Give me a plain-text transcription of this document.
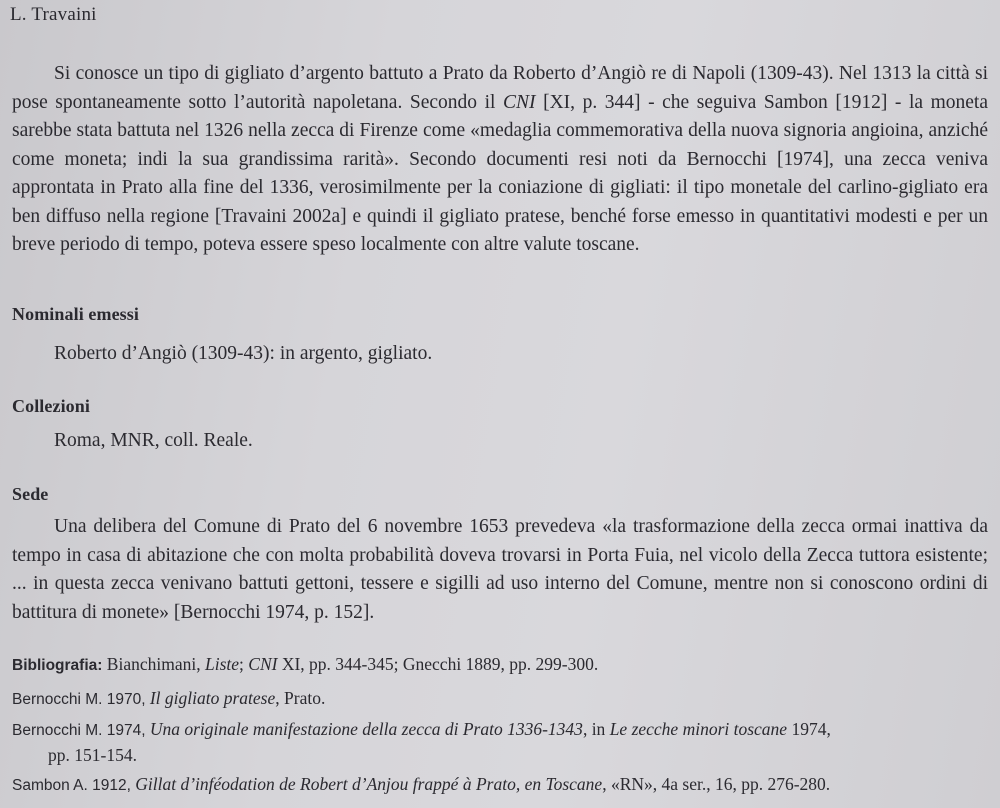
L. Travaini

Si conosce un tipo di gigliato d’argento battuto a Prato da Roberto d’Angiò re di Napoli (1309-43). Nel 1313 la città si pose spontaneamente sotto l’autorità napoletana. Secondo il CNI [XI, p. 344] - che seguiva Sambon [1912] - la moneta sarebbe stata battuta nel 1326 nella zecca di Firenze come «medaglia commemorativa della nuova signoria angioina, anziché come moneta; indi la sua grandissima rarità». Secondo documenti resi noti da Bernocchi [1974], una zecca veniva approntata in Prato alla fine del 1336, verosimilmente per la coniazione di gigliati: il tipo monetale del carlino-gigliato era ben diffuso nella regione [Travaini 2002a] e quindi il gigliato pratese, benché forse emesso in quantitativi modesti e per un breve periodo di tempo, poteva essere speso localmente con altre valute toscane.

Nominali emessi
Roberto d’Angiò (1309-43): in argento, gigliato.
Collezioni
Roma, MNR, coll. Reale.
Sede

Una delibera del Comune di Prato del 6 novembre 1653 prevedeva «la trasformazione della zecca ormai inattiva da tempo in casa di abitazione che con molta probabilità doveva trovarsi in Porta Fuia, nel vicolo della Zecca tuttora esistente; ... in questa zecca venivano battuti gettoni, tessere e sigilli ad uso interno del Comune, mentre non si conoscono ordini di battitura di monete» [Bernocchi 1974, p. 152].

Bibliografia: Bianchimani, Liste; CNI XI, pp. 344-345; Gnecchi 1889, pp. 299-300.

Bernocchi M. 1970, Il gigliato pratese, Prato.

Bernocchi M. 1974, Una originale manifestazione della zecca di Prato 1336-1343, in Le zecche minori toscane 1974,
pp. 151-154.

Sambon A. 1912, Gillat d’inféodation de Robert d’Anjou frappé à Prato, en Toscane, «RN», 4a ser., 16, pp. 276-280.
